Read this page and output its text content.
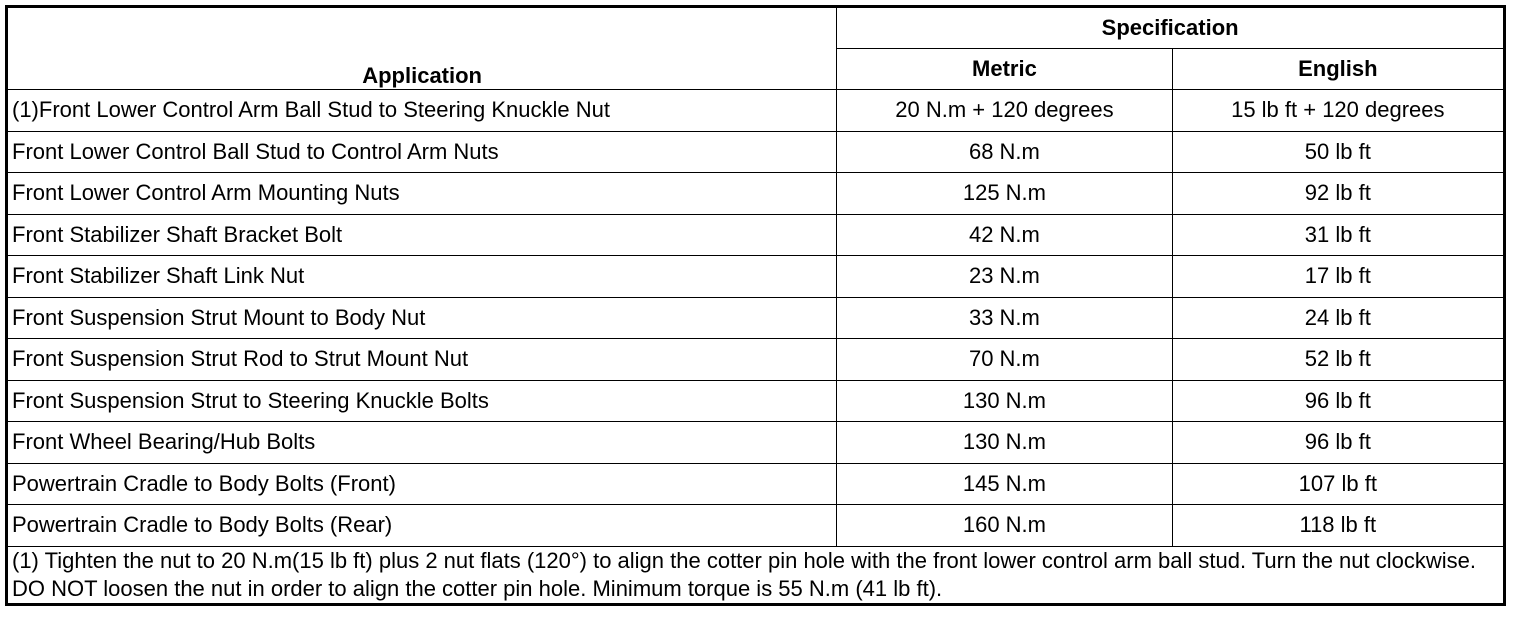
Application	Specification	
	Metric	English
(1)Front Lower Control Arm Ball Stud to Steering Knuckle Nut	20 N.m + 120 degrees	15 lb ft + 120 degrees
Front Lower Control Ball Stud to Control Arm Nuts	68 N.m	50 lb ft
Front Lower Control Arm Mounting Nuts	125 N.m	92 lb ft
Front Stabilizer Shaft Bracket Bolt	42 N.m	31 lb ft
Front Stabilizer Shaft Link Nut	23 N.m	17 lb ft
Front Suspension Strut Mount to Body Nut	33 N.m	24 lb ft
Front Suspension Strut Rod to Strut Mount Nut	70 N.m	52 lb ft
Front Suspension Strut to Steering Knuckle Bolts	130 N.m	96 lb ft
Front Wheel Bearing/Hub Bolts	130 N.m	96 lb ft
Powertrain Cradle to Body Bolts (Front)	145 N.m	107 lb ft
Powertrain Cradle to Body Bolts (Rear)	160 N.m	118 lb ft
(1) Tighten the nut to 20 N.m(15 lb ft) plus 2 nut flats (120°) to align the cotter pin hole with the front lower control arm ball stud. Turn the nut clockwise. DO NOT loosen the nut in order to align the cotter pin hole. Minimum torque is 55 N.m (41 lb ft).		
